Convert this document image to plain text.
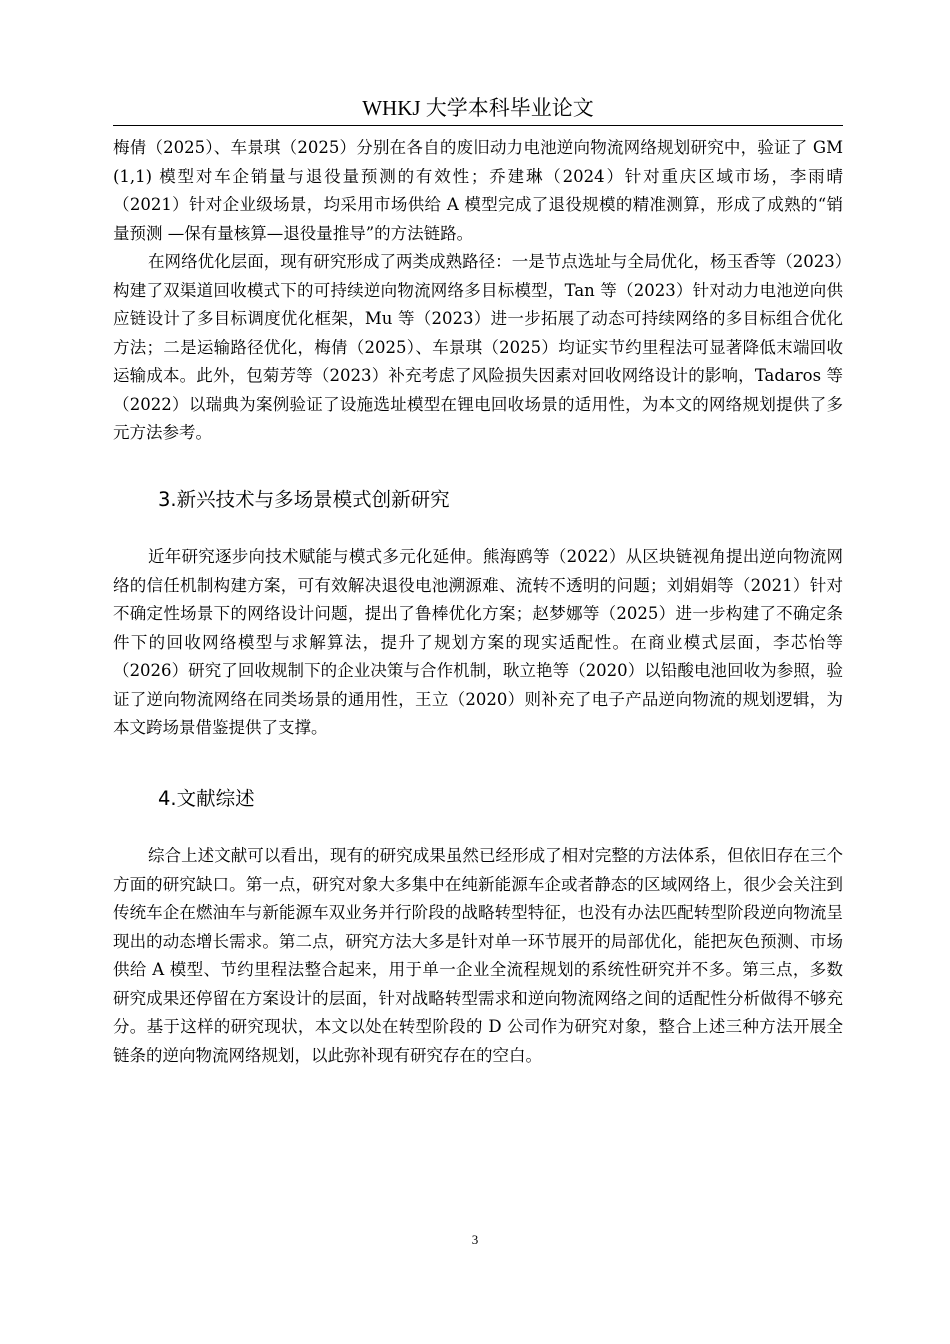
WHKJ 大学本科毕业论文

梅倩（2025）、车景琪（2025）分别在各自的废旧动力电池逆向物流网络规划研究中，验证了 GM (1,1) 模型对车企销量与退役量预测的有效性；乔建琳（2024）针对重庆区域市场，李雨晴（2021）针对企业级场景，均采用市场供给 A 模型完成了退役规模的精准测算，形成了成熟的“销量预测 —保有量核算—退役量推导”的方法链路。

在网络优化层面，现有研究形成了两类成熟路径：一是节点选址与全局优化，杨玉香等（2023）构建了双渠道回收模式下的可持续逆向物流网络多目标模型，Tan 等（2023）针对动力电池逆向供应链设计了多目标调度优化框架，Mu 等（2023）进一步拓展了动态可持续网络的多目标组合优化方法；二是运输路径优化，梅倩（2025）、车景琪（2025）均证实节约里程法可显著降低末端回收运输成本。此外，包菊芳等（2023）补充考虑了风险损失因素对回收网络设计的影响，Tadaros 等（2022）以瑞典为案例验证了设施选址模型在锂电回收场景的适用性，为本文的网络规划提供了多元方法参考。

3.新兴技术与多场景模式创新研究

近年研究逐步向技术赋能与模式多元化延伸。熊海鸥等（2022）从区块链视角提出逆向物流网络的信任机制构建方案，可有效解决退役电池溯源难、流转不透明的问题；刘娟娟等（2021）针对不确定性场景下的网络设计问题，提出了鲁棒优化方案；赵梦娜等（2025）进一步构建了不确定条件下的回收网络模型与求解算法，提升了规划方案的现实适配性。在商业模式层面，李芯怡等（2026）研究了回收规制下的企业决策与合作机制，耿立艳等（2020）以铅酸电池回收为参照，验证了逆向物流网络在同类场景的通用性，王立（2020）则补充了电子产品逆向物流的规划逻辑，为本文跨场景借鉴提供了支撑。

4.文献综述

综合上述文献可以看出，现有的研究成果虽然已经形成了相对完整的方法体系，但依旧存在三个方面的研究缺口。第一点，研究对象大多集中在纯新能源车企或者静态的区域网络上，很少会关注到传统车企在燃油车与新能源车双业务并行阶段的战略转型特征，也没有办法匹配转型阶段逆向物流呈现出的动态增长需求。第二点，研究方法大多是针对单一环节展开的局部优化，能把灰色预测、市场供给 A 模型、节约里程法整合起来，用于单一企业全流程规划的系统性研究并不多。第三点，多数研究成果还停留在方案设计的层面，针对战略转型需求和逆向物流网络之间的适配性分析做得不够充分。基于这样的研究现状，本文以处在转型阶段的 D 公司作为研究对象，整合上述三种方法开展全链条的逆向物流网络规划，以此弥补现有研究存在的空白。

3
